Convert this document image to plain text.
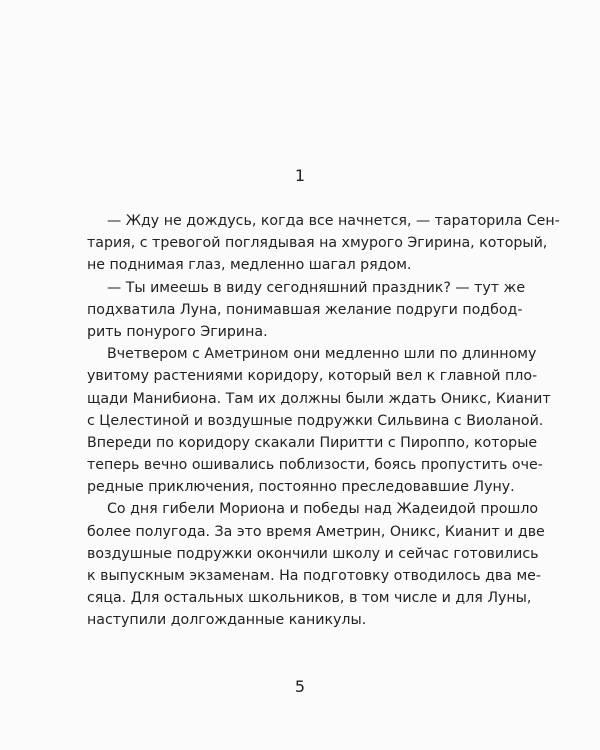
1
— Жду не дождусь, когда все начнется, — тараторила Сен-
тария, с тревогой поглядывая на хмурого Эгирина, который,
не поднимая глаз, медленно шагал рядом.
— Ты имеешь в виду сегодняшний праздник? — тут же
подхватила Луна, понимавшая желание подруги подбод-
рить понурого Эгирина.
Вчетвером с Аметрином они медленно шли по длинному
увитому растениями коридору, который вел к главной пло-
щади Манибиона. Там их должны были ждать Оникс, Кианит
с Целестиной и воздушные подружки Сильвина с Виоланой.
Впереди по коридору скакали Пиритти с Пироппо, которые
теперь вечно ошивались поблизости, боясь пропустить оче-
редные приключения, постоянно преследовавшие Луну.
Со дня гибели Мориона и победы над Жадеидой прошло
более полугода. За это время Аметрин, Оникс, Кианит и две
воздушные подружки окончили школу и сейчас готовились
к выпускным экзаменам. На подготовку отводилось два ме-
сяца. Для остальных школьников, в том числе и для Луны,
наступили долгожданные каникулы.
5
